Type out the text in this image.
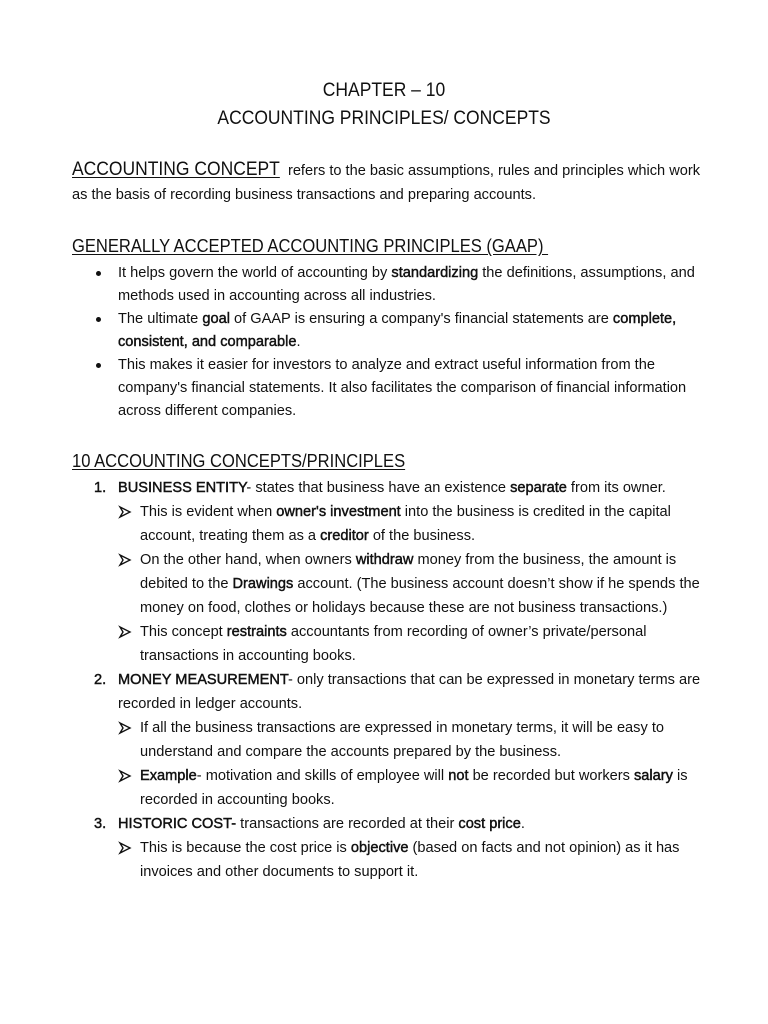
CHAPTER – 10
ACCOUNTING PRINCIPLES/ CONCEPTS
ACCOUNTING CONCEPT refers to the basic assumptions, rules and principles which work
as the basis of recording business transactions and preparing accounts.
GENERALLY ACCEPTED ACCOUNTING PRINCIPLES (GAAP)
It helps govern the world of accounting by standardizing the definitions, assumptions, and methods used in accounting across all industries.
The ultimate goal of GAAP is ensuring a company's financial statements are complete, consistent, and comparable.
This makes it easier for investors to analyze and extract useful information from the company's financial statements. It also facilitates the comparison of financial information across different companies.
10 ACCOUNTING CONCEPTS/PRINCIPLES
1. BUSINESS ENTITY- states that business have an existence separate from its owner.
This is evident when owner's investment into the business is credited in the capital account, treating them as a creditor of the business.
On the other hand, when owners withdraw money from the business, the amount is debited to the Drawings account. (The business account doesn’t show if he spends the money on food, clothes or holidays because these are not business transactions.)
This concept restraints accountants from recording of owner’s private/personal transactions in accounting books.
2. MONEY MEASUREMENT- only transactions that can be expressed in monetary terms are recorded in ledger accounts.
If all the business transactions are expressed in monetary terms, it will be easy to understand and compare the accounts prepared by the business.
Example- motivation and skills of employee will not be recorded but workers salary is recorded in accounting books.
3. HISTORIC COST- transactions are recorded at their cost price.
This is because the cost price is objective (based on facts and not opinion) as it has invoices and other documents to support it.
